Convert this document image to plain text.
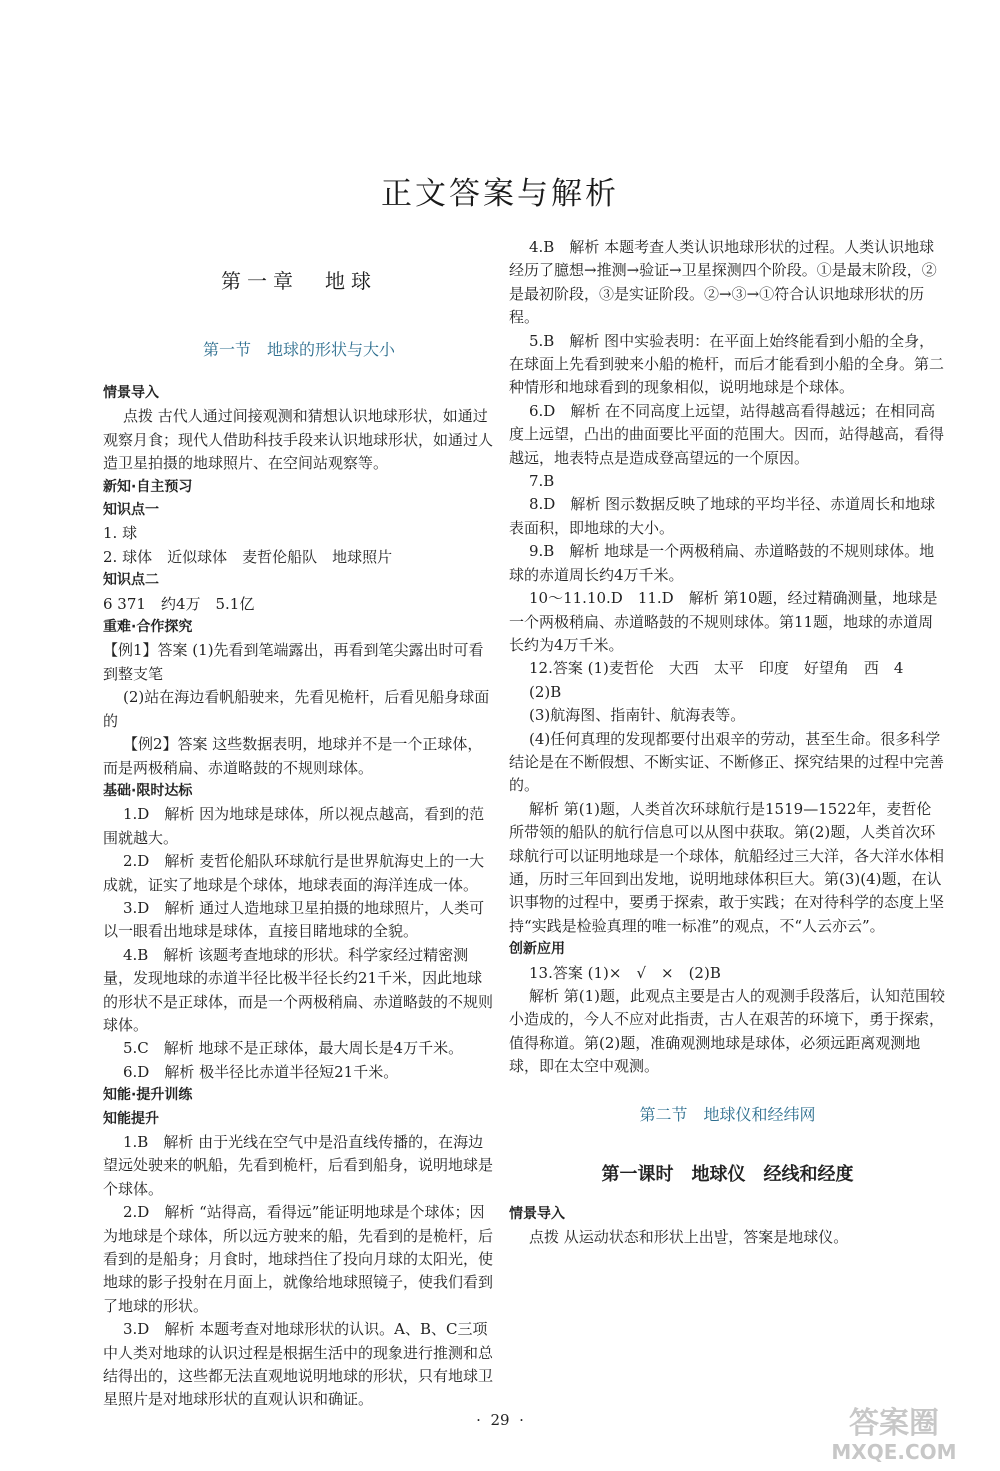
正文答案与解析
第一章　地球
第一节　地球的形状与大小

情景导入

点拨 古代人通过间接观测和猜想认识地球形状，如通过观察月食；现代人借助科技手段来认识地球形状，如通过人造卫星拍摄的地球照片、在空间站观察等。

新知·自主预习

知识点一

1. 球

2. 球体　近似球体　麦哲伦船队　地球照片

知识点二

6 371　约4万　5.1亿

重难·合作探究

【例1】答案 (1)先看到笔端露出，再看到笔尖露出时可看到整支笔

(2)站在海边看帆船驶来，先看见桅杆，后看见船身球面的

【例2】答案 这些数据表明，地球并不是一个正球体，而是两极稍扁、赤道略鼓的不规则球体。

基础·限时达标

1.D　解析 因为地球是球体，所以视点越高，看到的范围就越大。

2.D　解析 麦哲伦船队环球航行是世界航海史上的一大成就，证实了地球是个球体，地球表面的海洋连成一体。

3.D　解析 通过人造地球卫星拍摄的地球照片，人类可以一眼看出地球是球体，直接目睹地球的全貌。

4.B　解析 该题考查地球的形状。科学家经过精密测量，发现地球的赤道半径比极半径长约21千米，因此地球的形状不是正球体，而是一个两极稍扁、赤道略鼓的不规则球体。

5.C　解析 地球不是正球体，最大周长是4万千米。

6.D　解析 极半径比赤道半径短21千米。

知能·提升训练

知能提升

1.B　解析 由于光线在空气中是沿直线传播的，在海边望远处驶来的帆船，先看到桅杆，后看到船身，说明地球是个球体。

2.D　解析 “站得高，看得远”能证明地球是个球体；因为地球是个球体，所以远方驶来的船，先看到的是桅杆，后看到的是船身；月食时，地球挡住了投向月球的太阳光，使地球的影子投射在月面上，就像给地球照镜子，使我们看到了地球的形状。

3.D　解析 本题考查对地球形状的认识。A、B、C三项中人类对地球的认识过程是根据生活中的现象进行推测和总结得出的，这些都无法直观地说明地球的形状，只有地球卫星照片是对地球形状的直观认识和确证。

4.B　解析 本题考查人类认识地球形状的过程。人类认识地球经历了臆想→推测→验证→卫星探测四个阶段。①是最末阶段，②是最初阶段，③是实证阶段。②→③→①符合认识地球形状的历程。

5.B　解析 图中实验表明：在平面上始终能看到小船的全身，在球面上先看到驶来小船的桅杆，而后才能看到小船的全身。第二种情形和地球看到的现象相似，说明地球是个球体。

6.D　解析 在不同高度上远望，站得越高看得越远；在相同高度上远望，凸出的曲面要比平面的范围大。因而，站得越高，看得越远，地表特点是造成登高望远的一个原因。

7.B

8.D　解析 图示数据反映了地球的平均半径、赤道周长和地球表面积，即地球的大小。

9.B　解析 地球是一个两极稍扁、赤道略鼓的不规则球体。地球的赤道周长约4万千米。

10～11.10.D　11.D　解析 第10题，经过精确测量，地球是一个两极稍扁、赤道略鼓的不规则球体。第11题，地球的赤道周长约为4万千米。

12.答案 (1)麦哲伦　大西　太平　印度　好望角　西　4

(2)B

(3)航海图、指南针、航海表等。

(4)任何真理的发现都要付出艰辛的劳动，甚至生命。很多科学结论是在不断假想、不断实证、不断修正、探究结果的过程中完善的。

解析 第(1)题，人类首次环球航行是1519—1522年，麦哲伦所带领的船队的航行信息可以从图中获取。第(2)题，人类首次环球航行可以证明地球是一个球体，航船经过三大洋，各大洋水体相通，历时三年回到出发地，说明地球体积巨大。第(3)(4)题，在认识事物的过程中，要勇于探索，敢于实践；在对待科学的态度上坚持“实践是检验真理的唯一标准”的观点，不“人云亦云”。

创新应用

13.答案 (1)×　√　×　(2)B

解析 第(1)题，此观点主要是古人的观测手段落后，认知范围较小造成的，今人不应对此指责，古人在艰苦的环境下，勇于探索，值得称道。第(2)题，准确观测地球是球体，必须远距离观测地球，即在太空中观测。

第二节　地球仪和经纬网
第一课时　地球仪　经线和经度

情景导入

点拨 从运动状态和形状上出발，答案是地球仪。

·  29  ·	答案圈
MXQE.COM
